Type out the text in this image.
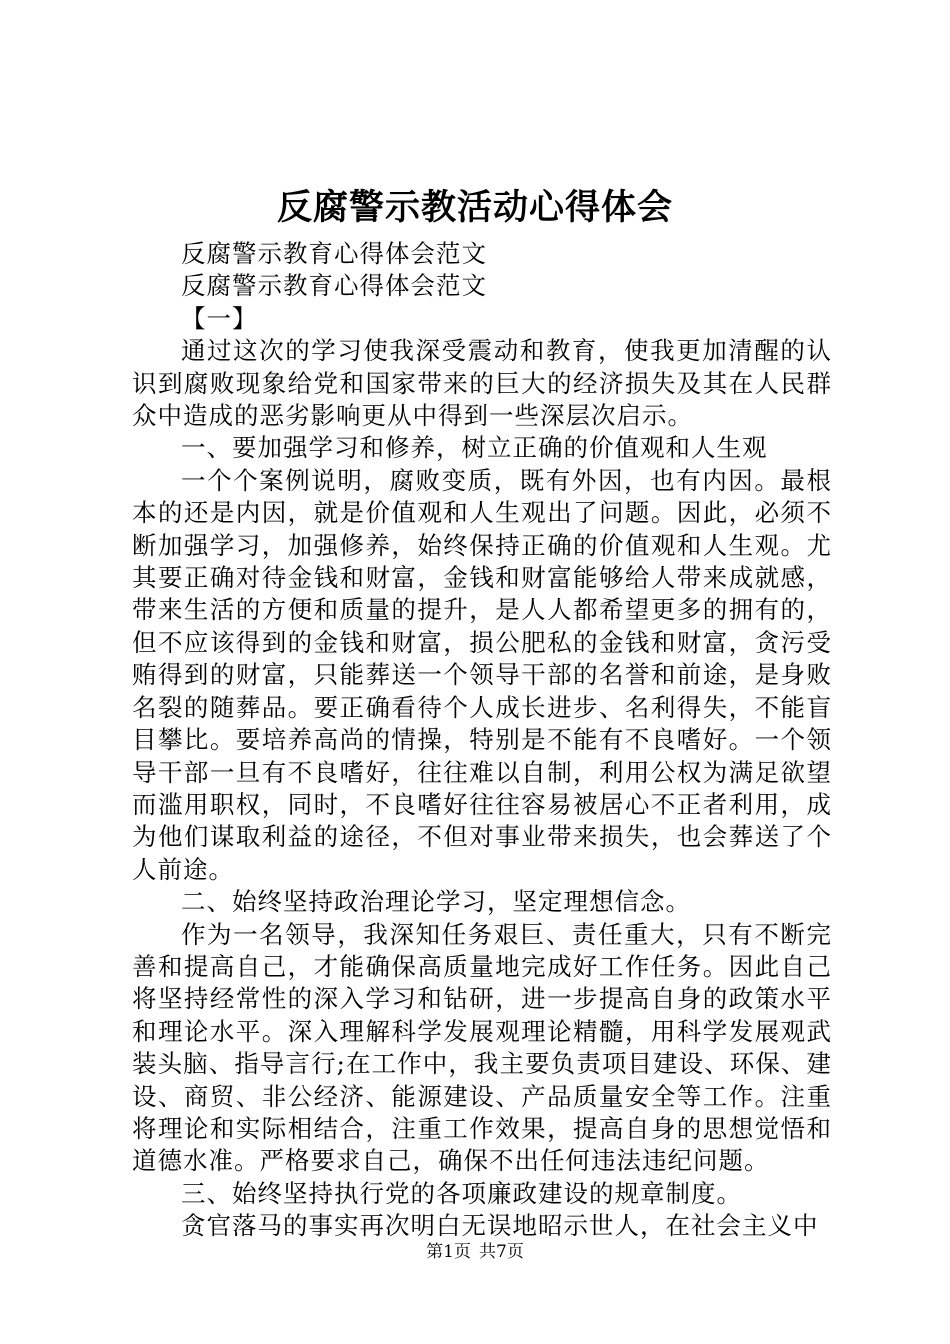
反腐警示教活动心得体会

反腐警示教育心得体会范文

反腐警示教育心得体会范文

【一】

通过这次的学习使我深受震动和教育，使我更加清醒的认识到腐败现象给党和国家带来的巨大的经济损失及其在人民群众中造成的恶劣影响更从中得到一些深层次启示。

一、要加强学习和修养，树立正确的价值观和人生观

一个个案例说明，腐败变质，既有外因，也有内因。最根本的还是内因，就是价值观和人生观出了问题。因此，必须不断加强学习，加强修养，始终保持正确的价值观和人生观。尤其要正确对待金钱和财富，金钱和财富能够给人带来成就感，带来生活的方便和质量的提升，是人人都希望更多的拥有的，但不应该得到的金钱和财富，损公肥私的金钱和财富，贪污受贿得到的财富，只能葬送一个领导干部的名誉和前途，是身败名裂的随葬品。要正确看待个人成长进步、名利得失，不能盲目攀比。要培养高尚的情操，特别是不能有不良嗜好。一个领导干部一旦有不良嗜好，往往难以自制，利用公权为满足欲望而滥用职权，同时，不良嗜好往往容易被居心不正者利用，成为他们谋取利益的途径，不但对事业带来损失，也会葬送了个人前途。

二、始终坚持政治理论学习，坚定理想信念。

作为一名领导，我深知任务艰巨、责任重大，只有不断完善和提高自己，才能确保高质量地完成好工作任务。因此自己将坚持经常性的深入学习和钻研，进一步提高自身的政策水平和理论水平。深入理解科学发展观理论精髓，用科学发展观武装头脑、指导言行;在工作中，我主要负责项目建设、环保、建设、商贸、非公经济、能源建设、产品质量安全等工作。注重将理论和实际相结合，注重工作效果，提高自身的思想觉悟和道德水准。严格要求自己，确保不出任何违法违纪问题。

三、始终坚持执行党的各项廉政建设的规章制度。

贪官落马的事实再次明白无误地昭示世人，在社会主义中

第1页 共7页
